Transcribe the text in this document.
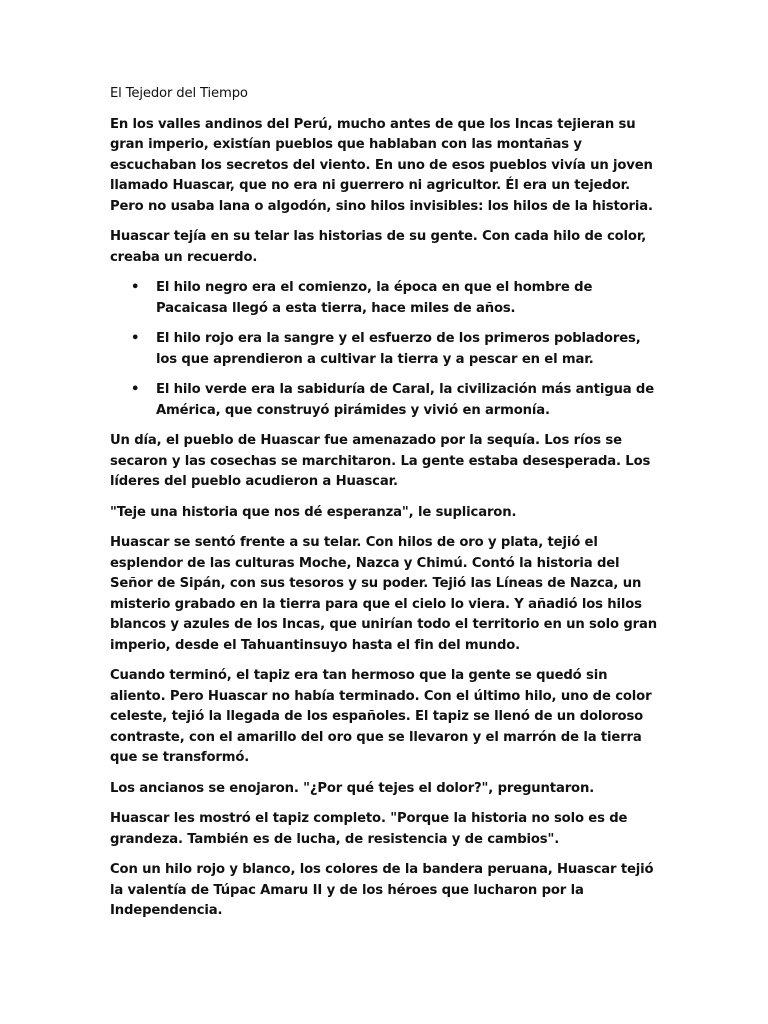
El Tejedor del Tiempo

En los valles andinos del Perú, mucho antes de que los Incas tejieran su gran imperio, existían pueblos que hablaban con las montañas y escuchaban los secretos del viento. En uno de esos pueblos vivía un joven llamado Huascar, que no era ni guerrero ni agricultor. Él era un tejedor. Pero no usaba lana o algodón, sino hilos invisibles: los hilos de la historia.

Huascar tejía en su telar las historias de su gente. Con cada hilo de color, creaba un recuerdo.

• El hilo negro era el comienzo, la época en que el hombre de Pacaicasa llegó a esta tierra, hace miles de años.
• El hilo rojo era la sangre y el esfuerzo de los primeros pobladores, los que aprendieron a cultivar la tierra y a pescar en el mar.
• El hilo verde era la sabiduría de Caral, la civilización más antigua de América, que construyó pirámides y vivió en armonía.

Un día, el pueblo de Huascar fue amenazado por la sequía. Los ríos se secaron y las cosechas se marchitaron. La gente estaba desesperada. Los líderes del pueblo acudieron a Huascar.

"Teje una historia que nos dé esperanza", le suplicaron.

Huascar se sentó frente a su telar. Con hilos de oro y plata, tejió el esplendor de las culturas Moche, Nazca y Chimú. Contó la historia del Señor de Sipán, con sus tesoros y su poder. Tejió las Líneas de Nazca, un misterio grabado en la tierra para que el cielo lo viera. Y añadió los hilos blancos y azules de los Incas, que unirían todo el territorio en un solo gran imperio, desde el Tahuantinsuyo hasta el fin del mundo.

Cuando terminó, el tapiz era tan hermoso que la gente se quedó sin aliento. Pero Huascar no había terminado. Con el último hilo, uno de color celeste, tejió la llegada de los españoles. El tapiz se llenó de un doloroso contraste, con el amarillo del oro que se llevaron y el marrón de la tierra que se transformó.

Los ancianos se enojaron. "¿Por qué tejes el dolor?", preguntaron.

Huascar les mostró el tapiz completo. "Porque la historia no solo es de grandeza. También es de lucha, de resistencia y de cambios".

Con un hilo rojo y blanco, los colores de la bandera peruana, Huascar tejió la valentía de Túpac Amaru II y de los héroes que lucharon por la Independencia.
